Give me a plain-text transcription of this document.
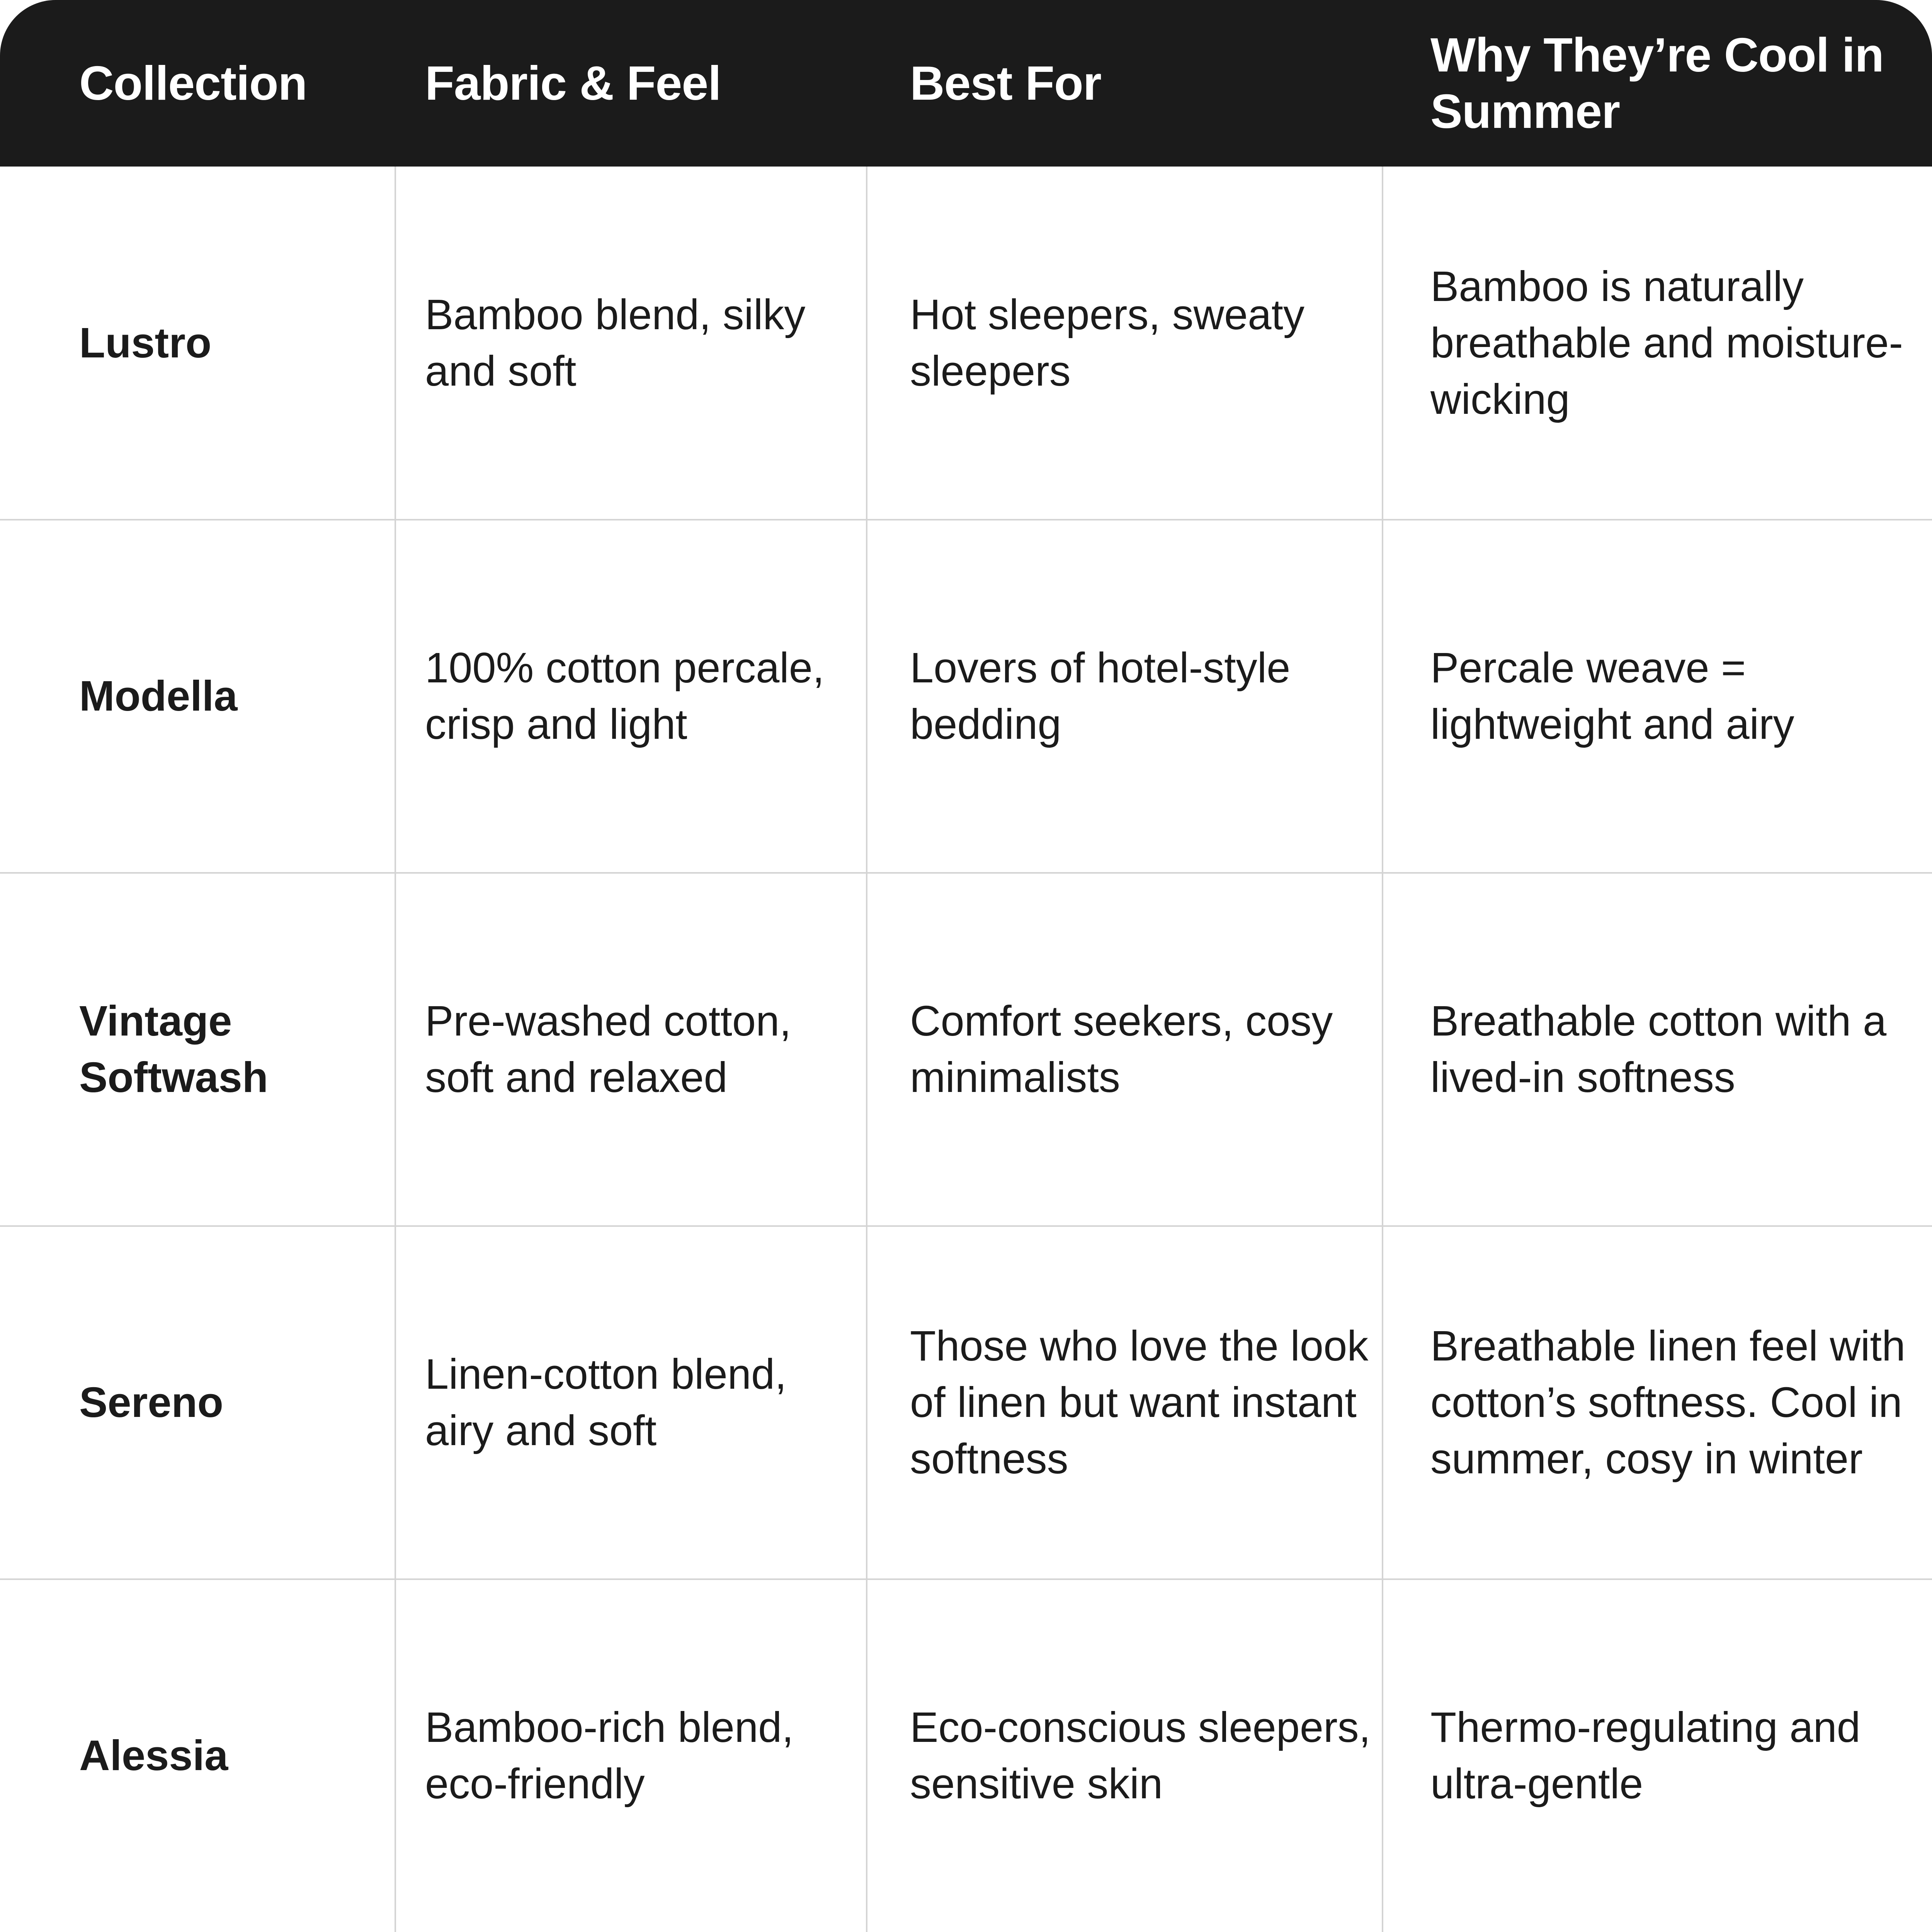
Collection	Fabric & Feel	Best For
Why They’re Cool in Summer
Lustro
Bamboo blend, silky and soft
Hot sleepers, sweaty sleepers
Bamboo is naturally breathable and moisture-wicking
Modella
100% cotton percale, crisp and light
Lovers of hotel-style bedding
Percale weave = lightweight and airy
Vintage Softwash
Pre-washed cotton, soft and relaxed
Comfort seekers, cosy minimalists
Breathable cotton with a lived-in softness
Sereno
Linen-cotton blend, airy and soft
Those who love the look of linen but want instant softness
Breathable linen feel with cotton’s softness. Cool in summer, cosy in winter
Alessia
Bamboo-rich blend, eco-friendly
Eco-conscious sleepers, sensitive skin
Thermo-regulating and ultra-gentle
